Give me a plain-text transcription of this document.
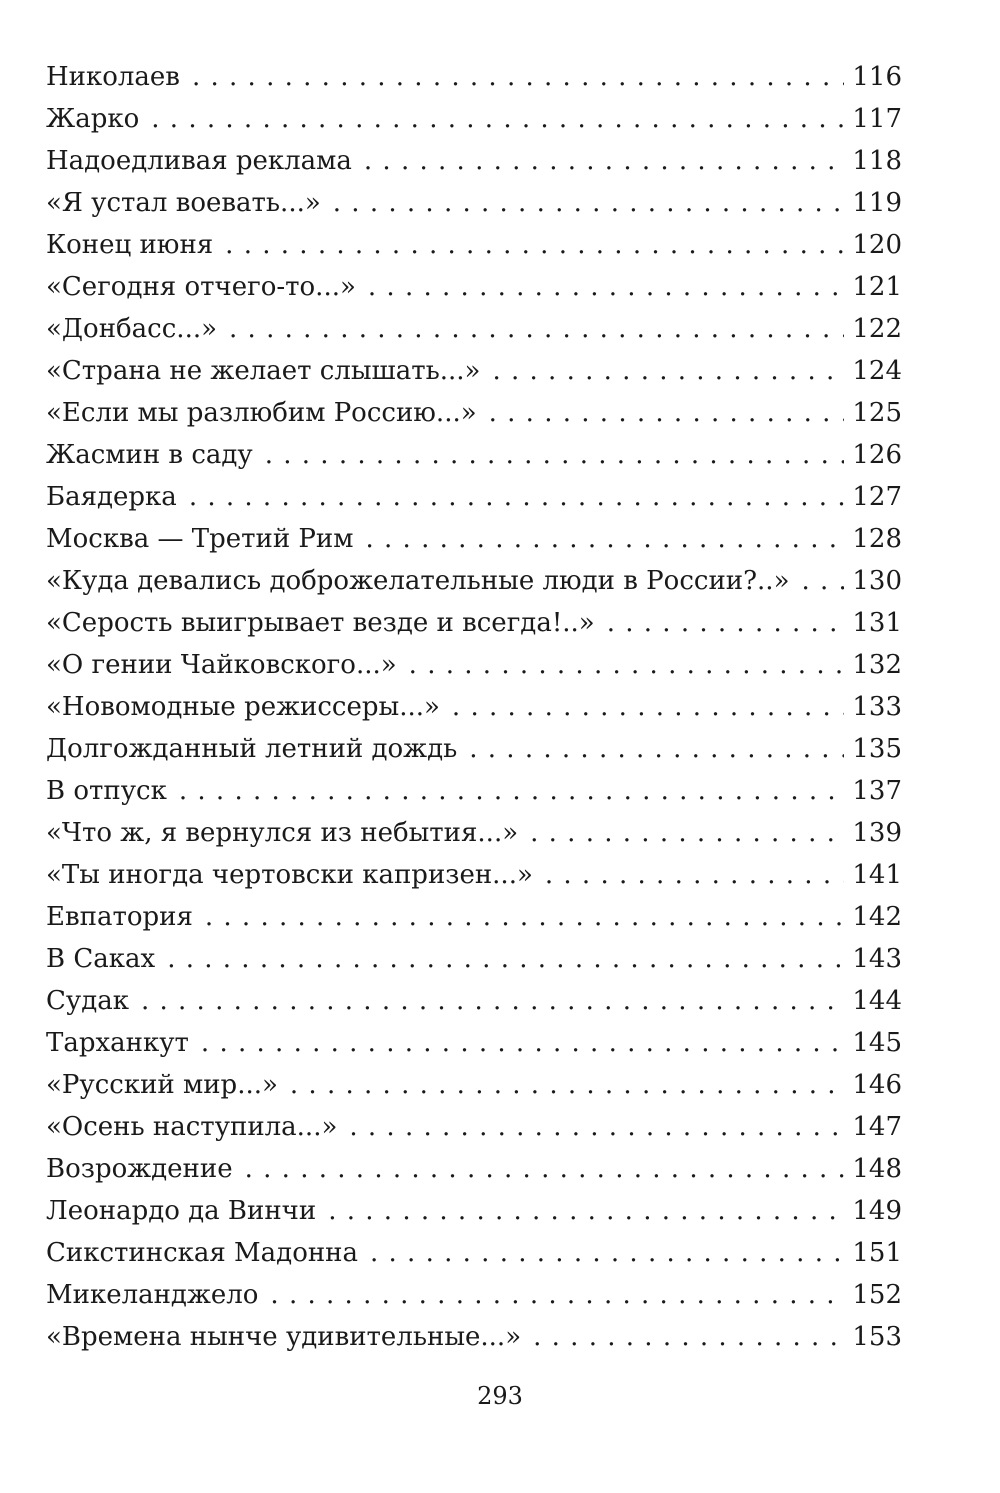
Николаев . . .	116
Жарко . . .	117
Надоедливая реклама . . .	118
«Я устал воевать...» . . .	119
Конец июня . . .	120
«Сегодня отчего-то...» . . .	121
«Донбасс...» . . .	122
«Страна не желает слышать...» . . .	124
«Если мы разлюбим Россию...» . . .	125
Жасмин в саду . . .	126
Баядерка . . .	127
Москва — Третий Рим . . .	128
«Куда девались доброжелательные люди в России?..» . . . 130
«Серость выигрывает везде и всегда!..» . . .	131
«О гении Чайковского...» . . .	132
«Новомодные режиссеры...» . . .	133
Долгожданный летний дождь . . .	135
В отпуск . . .	137
«Что ж, я вернулся из небытия...» . . .	139
«Ты иногда чертовски капризен...» . . .	141
Евпатория . . .	142
В Саках . . .	143
Судак . . .	144
Тарханкут . . .	145
«Русский мир...» . . .	146
«Осень наступила...» . . .	147
Возрождение . . .	148
Леонардо да Винчи . . .	149
Сикстинская Мадонна . . .	151
Микеланджело . . .	152
«Времена нынче удивительные...» . . .	153
293
